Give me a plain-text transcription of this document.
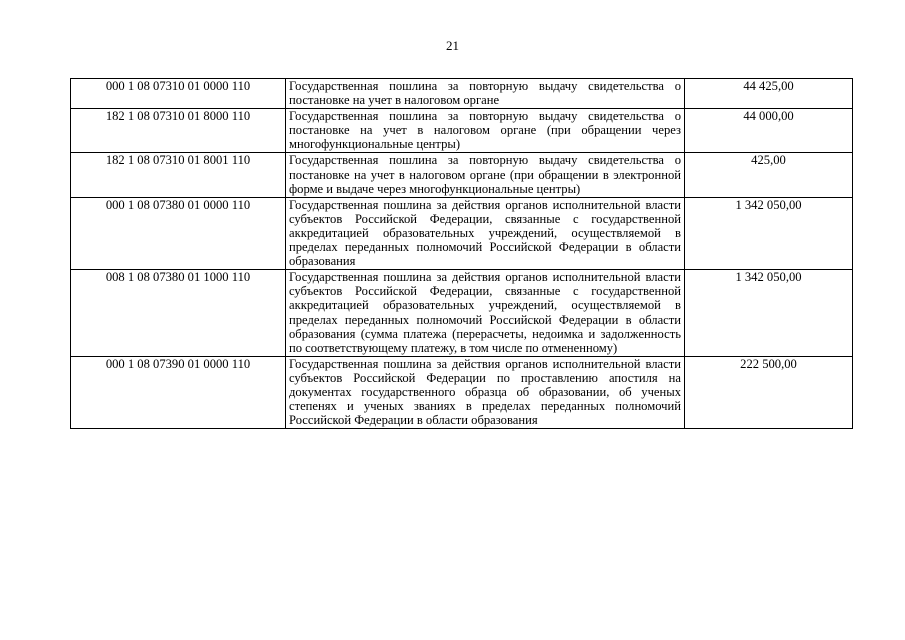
21
000 1 08 07310 01 0000 110	Государственная пошлина за повторную выдачу свидетельства о постановке на учет в налоговом органе	44 425,00
182 1 08 07310 01 8000 110	Государственная пошлина за повторную выдачу свидетельства о постановке на учет в налоговом органе (при обращении через многофункциональные центры)	44 000,00
182 1 08 07310 01 8001 110	Государственная пошлина за повторную выдачу свидетельства о постановке на учет в налоговом органе (при обращении в электронной форме и выдаче через многофункциональные центры)	425,00
000 1 08 07380 01 0000 110	Государственная пошлина за действия органов исполнительной власти субъектов Российской Федерации, связанные с государственной аккредитацией образовательных учреждений, осуществляемой в пределах переданных полномочий Российской Федерации в области образования	1 342 050,00
008 1 08 07380 01 1000 110	Государственная пошлина за действия органов исполнительной власти субъектов Российской Федерации, связанные с государственной аккредитацией образовательных учреждений, осуществляемой в пределах переданных полномочий Российской Федерации в области образования (сумма платежа (перерасчеты, недоимка и задолженность по соответствующему платежу, в том числе по отмененному)	1 342 050,00
000 1 08 07390 01 0000 110	Государственная пошлина за действия органов исполнительной власти субъектов Российской Федерации по проставлению апостиля на документах государственного образца об образовании, об ученых степенях и ученых званиях в пределах переданных полномочий Российской Федерации в области образования	222 500,00
